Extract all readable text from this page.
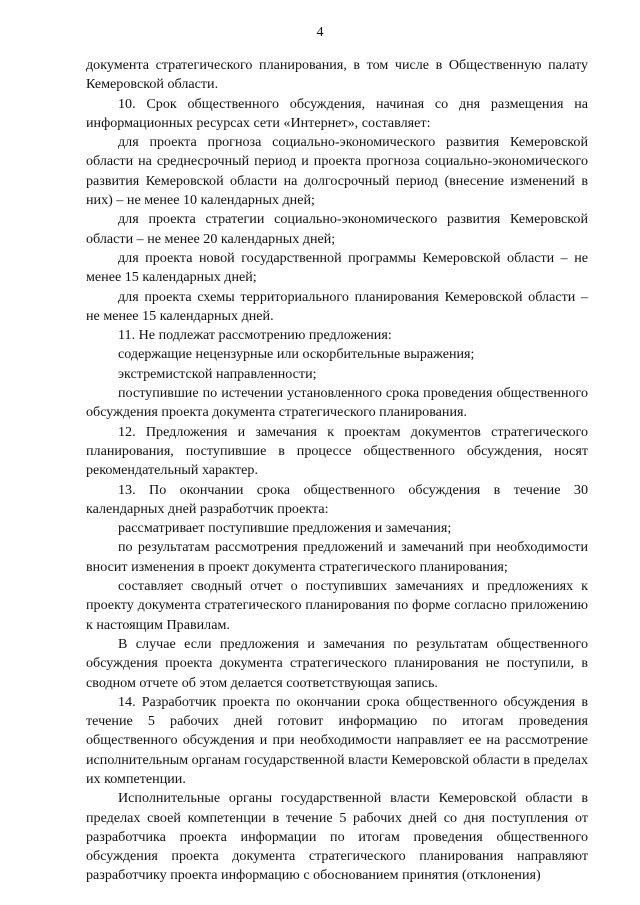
4

документа стратегического планирования, в том числе в Общественную палату Кемеровской области.

10. Срок общественного обсуждения, начиная со дня размещения на информационных ресурсах сети «Интернет», составляет:

для проекта прогноза социально-экономического развития Кемеровской области на среднесрочный период и проекта прогноза социально-экономического развития Кемеровской области на долгосрочный период (внесение изменений в них) – не менее 10 календарных дней;

для проекта стратегии социально-экономического развития Кемеровской области – не менее 20 календарных дней;

для проекта новой государственной программы Кемеровской области – не менее 15 календарных дней;

для проекта схемы территориального планирования Кемеровской области – не менее 15 календарных дней.

11. Не подлежат рассмотрению предложения:

содержащие нецензурные или оскорбительные выражения;

экстремистской направленности;

поступившие по истечении установленного срока проведения общественного обсуждения проекта документа стратегического планирования.

12. Предложения и замечания к проектам документов стратегического планирования, поступившие в процессе общественного обсуждения, носят рекомендательный характер.

13. По окончании срока общественного обсуждения в течение 30 календарных дней разработчик проекта:

рассматривает поступившие предложения и замечания;

по результатам рассмотрения предложений и замечаний при необходимости вносит изменения в проект документа стратегического планирования;

составляет сводный отчет о поступивших замечаниях и предложениях к проекту документа стратегического планирования по форме согласно приложению к настоящим Правилам.

В случае если предложения и замечания по результатам общественного обсуждения проекта документа стратегического планирования не поступили, в сводном отчете об этом делается соответствующая запись.

14. Разработчик проекта по окончании срока общественного обсуждения в течение 5 рабочих дней готовит информацию по итогам проведения общественного обсуждения и при необходимости направляет ее на рассмотрение исполнительным органам государственной власти Кемеровской области в пределах их компетенции.

Исполнительные органы государственной власти Кемеровской области в пределах своей компетенции в течение 5 рабочих дней со дня поступления от разработчика проекта информации по итогам проведения общественного обсуждения проекта документа стратегического планирования направляют разработчику проекта информацию с обоснованием принятия (отклонения)
